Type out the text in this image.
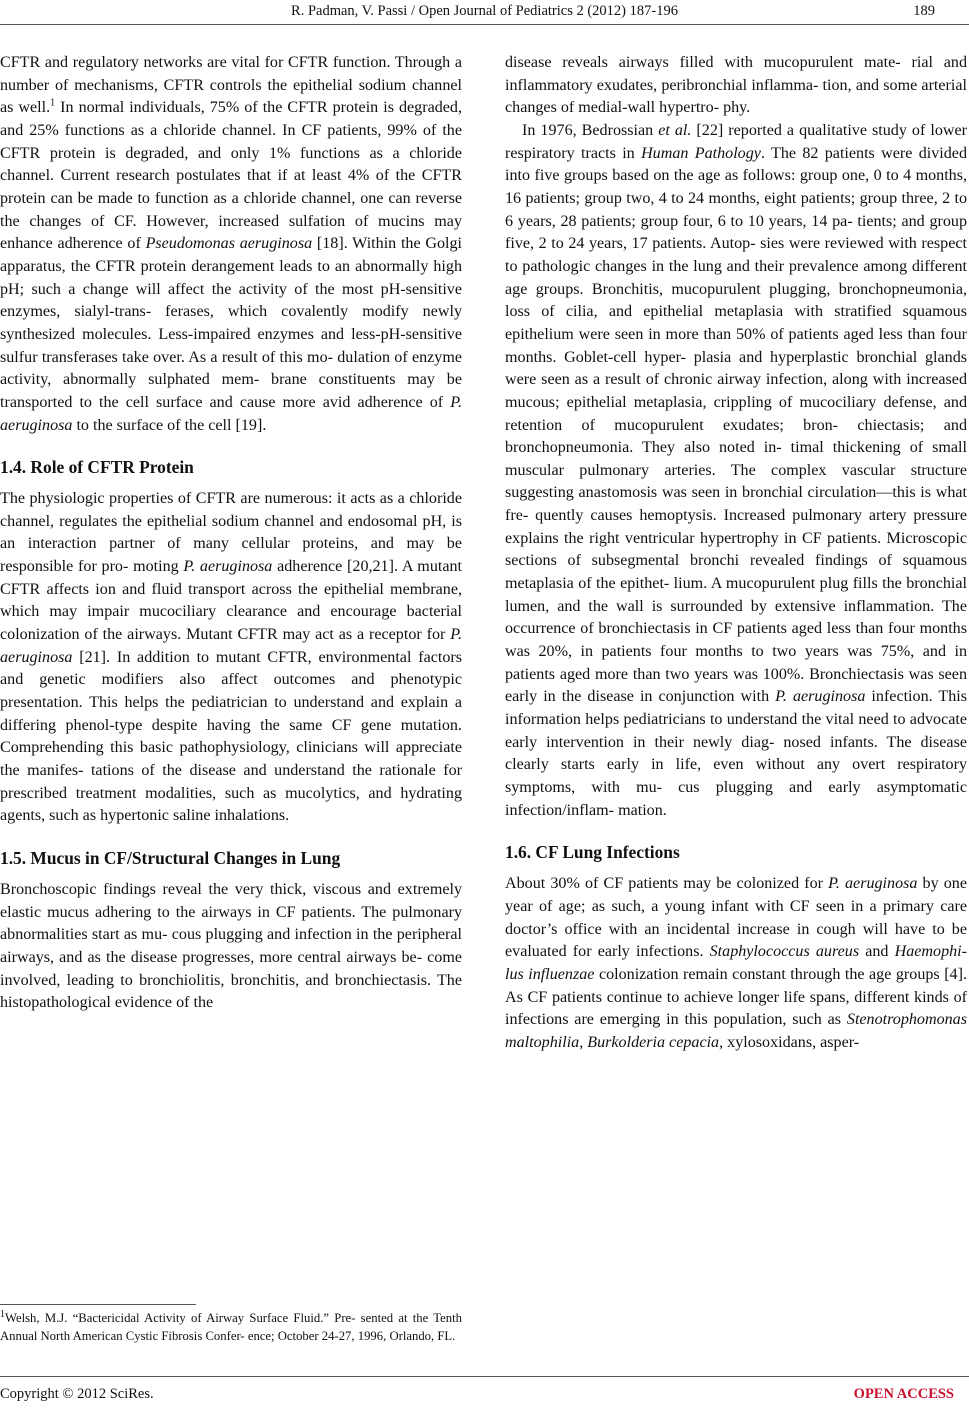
R. Padman, V. Passi / Open Journal of Pediatrics 2 (2012) 187-196	189

CFTR and regulatory networks are vital for CFTR function. Through a number of mechanisms, CFTR controls the epithelial sodium channel as well.$^1$ In normal individuals, 75% of the CFTR protein is degraded, and 25% functions as a chloride channel. In CF patients, 99% of the CFTR protein is degraded, and only 1% functions as a chloride channel. Current research postulates that if at least 4% of the CFTR protein can be made to function as a chloride channel, one can reverse the changes of CF. However, increased sulfation of mucins may enhance adherence of Pseudomonas aeruginosa [18]. Within the Golgi apparatus, the CFTR protein derangement leads to an abnormally high pH; such a change will affect the activity of the most pH-sensitive enzymes, sialyl-trans- ferases, which covalently modify newly synthesized molecules. Less-impaired enzymes and less-pH-sensitive sulfur transferases take over. As a result of this mo- dulation of enzyme activity, abnormally sulphated mem- brane constituents may be transported to the cell surface and cause more avid adherence of P. aeruginosa to the surface of the cell [19].

1.4. Role of CFTR Protein

The physiologic properties of CFTR are numerous: it acts as a chloride channel, regulates the epithelial sodium channel and endosomal pH, is an interaction partner of many cellular proteins, and may be responsible for pro- moting P. aeruginosa adherence [20,21]. A mutant CFTR affects ion and fluid transport across the epithelial membrane, which may impair mucociliary clearance and encourage bacterial colonization of the airways. Mutant CFTR may act as a receptor for P. aeruginosa [21]. In addition to mutant CFTR, environmental factors and genetic modifiers also affect outcomes and phenotypic presentation. This helps the pediatrician to understand and explain a differing phenol-type despite having the same CF gene mutation. Comprehending this basic pathophysiology, clinicians will appreciate the manifes- tations of the disease and understand the rationale for prescribed treatment modalities, such as mucolytics, and hydrating agents, such as hypertonic saline inhalations.

1.5. Mucus in CF/Structural Changes in Lung

Bronchoscopic findings reveal the very thick, viscous and extremely elastic mucus adhering to the airways in CF patients. The pulmonary abnormalities start as mu- cous plugging and infection in the peripheral airways, and as the disease progresses, more central airways be- come involved, leading to bronchiolitis, bronchitis, and bronchiectasis. The histopathological evidence of the

$^1$Welsh, M.J. “Bactericidal Activity of Airway Surface Fluid.” Pre- sented at the Tenth Annual North American Cystic Fibrosis Confer- ence; October 24-27, 1996, Orlando, FL.

disease reveals airways filled with mucopurulent mate- rial and inflammatory exudates, peribronchial inflamma- tion, and some arterial changes of medial-wall hypertro- phy.

In 1976, Bedrossian et al. [22] reported a qualitative study of lower respiratory tracts in Human Pathology. The 82 patients were divided into five groups based on the age as follows: group one, 0 to 4 months, 16 patients; group two, 4 to 24 months, eight patients; group three, 2 to 6 years, 28 patients; group four, 6 to 10 years, 14 pa- tients; and group five, 2 to 24 years, 17 patients. Autop- sies were reviewed with respect to pathologic changes in the lung and their prevalence among different age groups. Bronchitis, mucopurulent plugging, bronchopneumonia, loss of cilia, and epithelial metaplasia with stratified squamous epithelium were seen in more than 50% of patients aged less than four months. Goblet-cell hyper- plasia and hyperplastic bronchial glands were seen as a result of chronic airway infection, along with increased mucous; epithelial metaplasia, crippling of mucociliary defense, and retention of mucopurulent exudates; bron- chiectasis; and bronchopneumonia. They also noted in- timal thickening of small muscular pulmonary arteries. The complex vascular structure suggesting anastomosis was seen in bronchial circulation—this is what fre- quently causes hemoptysis. Increased pulmonary artery pressure explains the right ventricular hypertrophy in CF patients. Microscopic sections of subsegmental bronchi revealed findings of squamous metaplasia of the epithet- lium. A mucopurulent plug fills the bronchial lumen, and the wall is surrounded by extensive inflammation. The occurrence of bronchiectasis in CF patients aged less than four months was 20%, in patients four months to two years was 75%, and in patients aged more than two years was 100%. Bronchiectasis was seen early in the disease in conjunction with P. aeruginosa infection. This information helps pediatricians to understand the vital need to advocate early intervention in their newly diag- nosed infants. The disease clearly starts early in life, even without any overt respiratory symptoms, with mu- cus plugging and early asymptomatic infection/inflam- mation.

1.6. CF Lung Infections

About 30% of CF patients may be colonized for P. aeruginosa by one year of age; as such, a young infant with CF seen in a primary care doctor’s office with an incidental increase in cough will have to be evaluated for early infections. Staphylococcus aureus and Haemophi- lus influenzae colonization remain constant through the age groups [4]. As CF patients continue to achieve longer life spans, different kinds of infections are emerging in this population, such as Stenotrophomonas maltophilia, Burkolderia cepacia, xylosoxidans, asper-

Copyright © 2012 SciRes.	OPEN ACCESS
